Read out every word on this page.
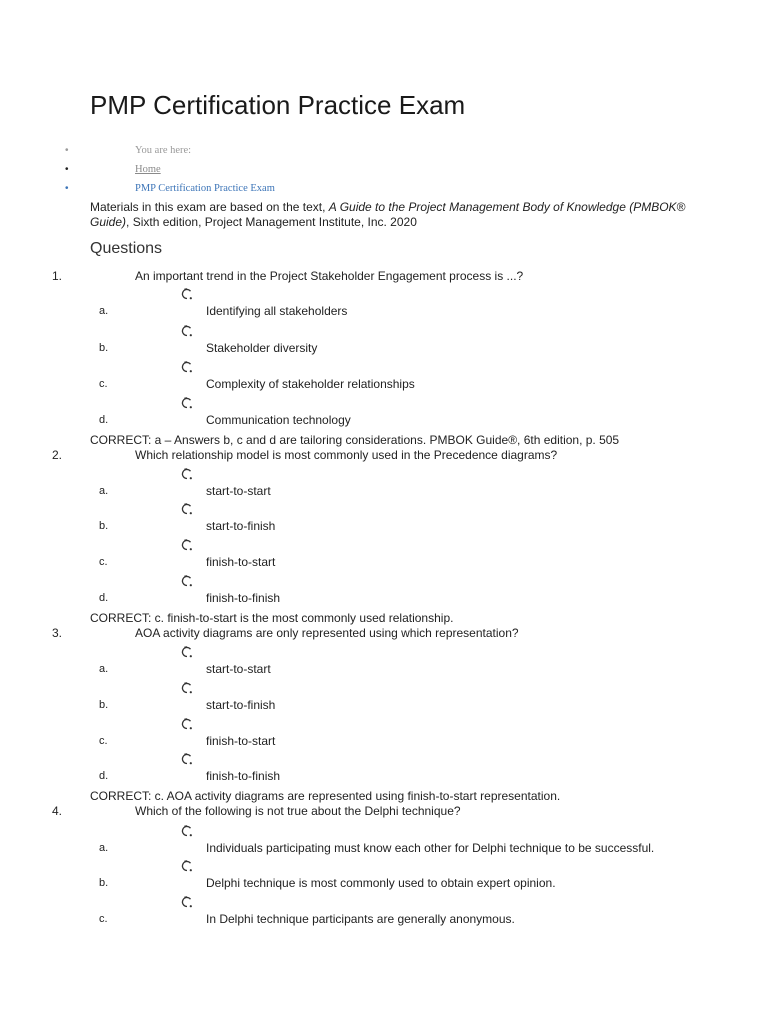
PMP Certification Practice Exam
•	You are here:
•	Home
•	PMP Certification Practice Exam
Materials in this exam are based on the text, A Guide to the Project Management Body of Knowledge (PMBOK® Guide), Sixth edition, Project Management Institute, Inc. 2020
Questions
1.	An important trend in the Project Stakeholder Engagement process is ...?
a.	Identifying all stakeholders
b.	Stakeholder diversity
c.	Complexity of stakeholder relationships
d.	Communication technology
CORRECT: a – Answers b, c and d are tailoring considerations. PMBOK Guide®, 6th edition, p. 505
2.	Which relationship model is most commonly used in the Precedence diagrams?
a.	start-to-start
b.	start-to-finish
c.	finish-to-start
d.	finish-to-finish
CORRECT: c. finish-to-start is the most commonly used relationship.
3.	AOA activity diagrams are only represented using which representation?
a.	start-to-start
b.	start-to-finish
c.	finish-to-start
d.	finish-to-finish
CORRECT: c. AOA activity diagrams are represented using finish-to-start representation.
4.	Which of the following is not true about the Delphi technique?
a.	Individuals participating must know each other for Delphi technique to be successful.
b.	Delphi technique is most commonly used to obtain expert opinion.
c.	In Delphi technique participants are generally anonymous.
